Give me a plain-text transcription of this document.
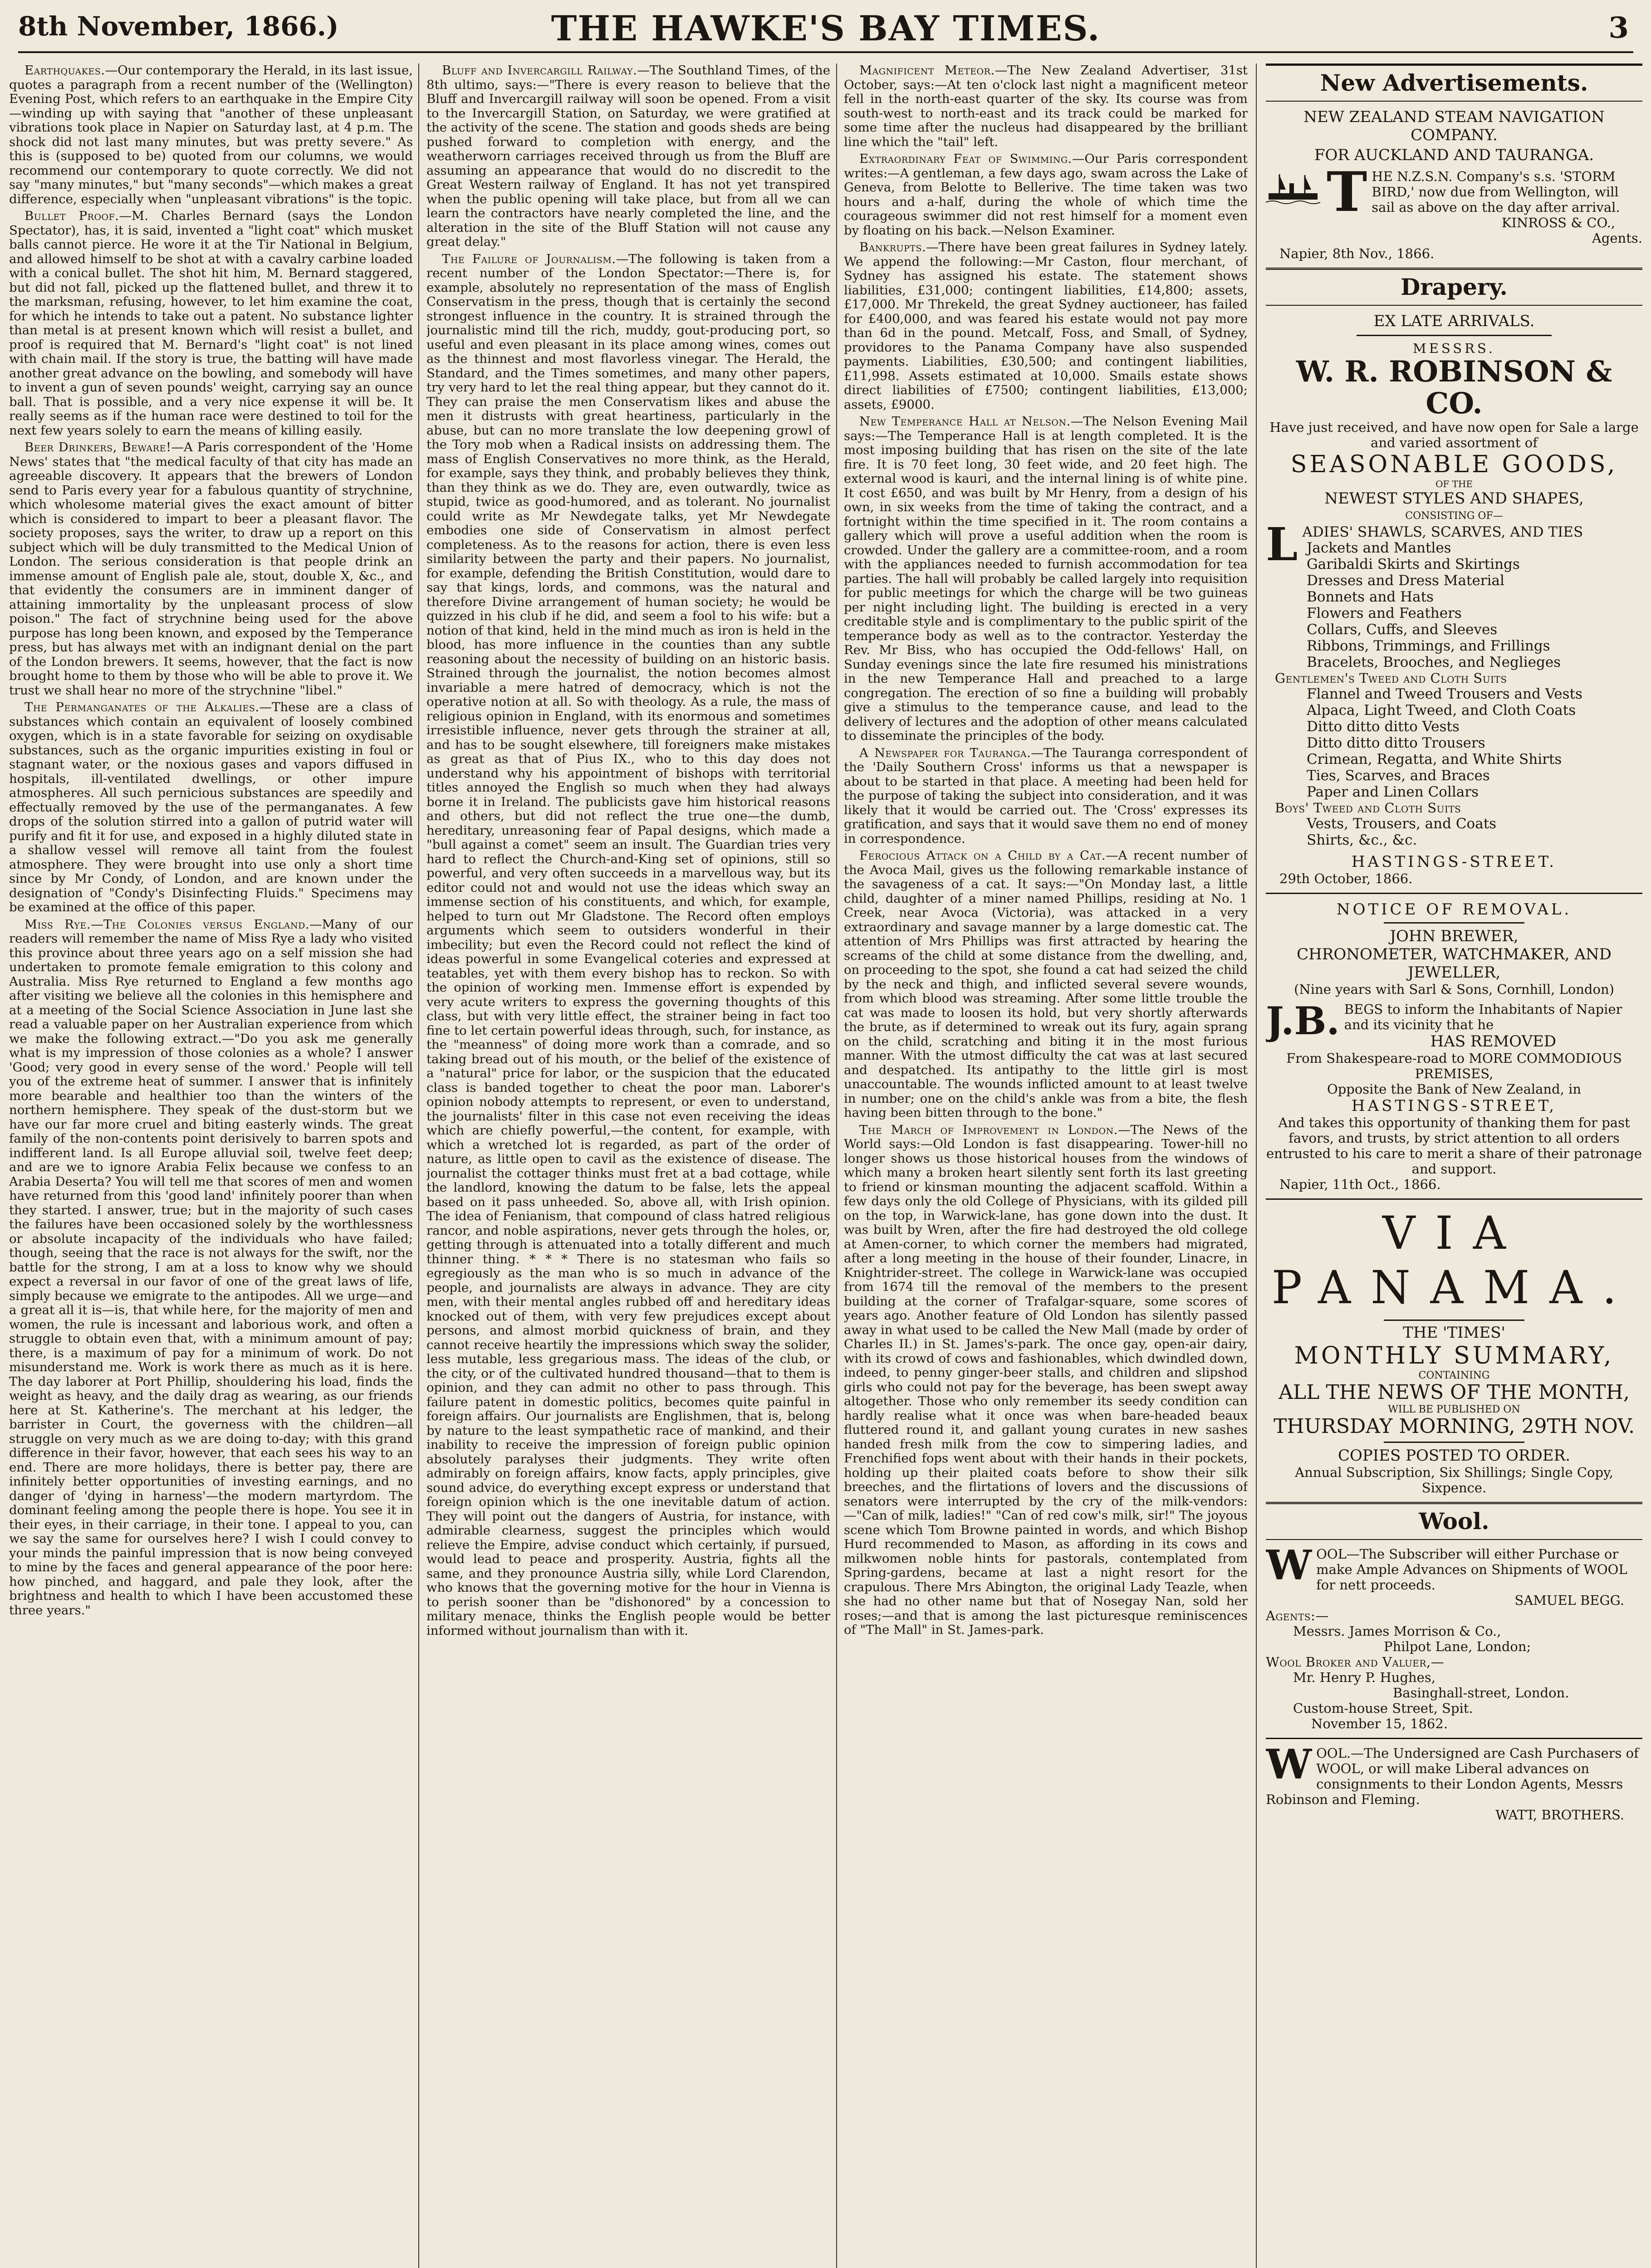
8th November, 1866.)	THE HAWKE'S BAY TIMES.	3

Earthquakes.—Our contemporary the Herald, in its last issue, quotes a paragraph from a recent number of the (Wellington) Evening Post, which refers to an earthquake in the Empire City—winding up with saying that "another of these unpleasant vibrations took place in Napier on Saturday last, at 4 p.m. The shock did not last many minutes, but was pretty severe." As this is (supposed to be) quoted from our columns, we would recommend our contemporary to quote correctly. We did not say "many minutes," but "many seconds"—which makes a great difference, especially when "unpleasant vibrations" is the topic.

Bullet Proof.—M. Charles Bernard (says the London Spectator), has, it is said, invented a "light coat" which musket balls cannot pierce. He wore it at the Tir National in Belgium, and allowed himself to be shot at with a cavalry carbine loaded with a conical bullet. The shot hit him, M. Bernard staggered, but did not fall, picked up the flattened bullet, and threw it to the marksman, refusing, however, to let him examine the coat, for which he intends to take out a patent. No substance lighter than metal is at present known which will resist a bullet, and proof is required that M. Bernard's "light coat" is not lined with chain mail. If the story is true, the batting will have made another great advance on the bowling, and somebody will have to invent a gun of seven pounds' weight, carrying say an ounce ball. That is possible, and a very nice expense it will be. It really seems as if the human race were destined to toil for the next few years solely to earn the means of killing easily.

Beer Drinkers, Beware!—A Paris correspondent of the 'Home News' states that "the medical faculty of that city has made an agreeable discovery. It appears that the brewers of London send to Paris every year for a fabulous quantity of strychnine, which wholesome material gives the exact amount of bitter which is considered to impart to beer a pleasant flavor. The society proposes, says the writer, to draw up a report on this subject which will be duly transmitted to the Medical Union of London. The serious consideration is that people drink an immense amount of English pale ale, stout, double X, &c., and that evidently the consumers are in imminent danger of attaining immortality by the unpleasant process of slow poison." The fact of strychnine being used for the above purpose has long been known, and exposed by the Temperance press, but has always met with an indignant denial on the part of the London brewers. It seems, however, that the fact is now brought home to them by those who will be able to prove it. We trust we shall hear no more of the strychnine "libel."

The Permanganates of the Alkalies.—These are a class of substances which contain an equivalent of loosely combined oxygen, which is in a state favorable for seizing on oxydisable substances, such as the organic impurities existing in foul or stagnant water, or the noxious gases and vapors diffused in hospitals, ill-ventilated dwellings, or other impure atmospheres. All such pernicious substances are speedily and effectually removed by the use of the permanganates. A few drops of the solution stirred into a gallon of putrid water will purify and fit it for use, and exposed in a highly diluted state in a shallow vessel will remove all taint from the foulest atmosphere. They were brought into use only a short time since by Mr Condy, of London, and are known under the designation of "Condy's Disinfecting Fluids." Specimens may be examined at the office of this paper.

Miss Rye.—The Colonies versus England.—Many of our readers will remember the name of Miss Rye a lady who visited this province about three years ago on a self mission she had undertaken to promote female emigration to this colony and Australia. Miss Rye returned to England a few months ago after visiting we believe all the colonies in this hemisphere and at a meeting of the Social Science Association in June last she read a valuable paper on her Australian experience from which we make the following extract.—"Do you ask me generally what is my impression of those colonies as a whole? I answer 'Good; very good in every sense of the word.' People will tell you of the extreme heat of summer. I answer that is infinitely more bearable and healthier too than the winters of the northern hemisphere. They speak of the dust-storm but we have our far more cruel and biting easterly winds. The great family of the non-contents point derisively to barren spots and indifferent land. Is all Europe alluvial soil, twelve feet deep; and are we to ignore Arabia Felix because we confess to an Arabia Deserta? You will tell me that scores of men and women have returned from this 'good land' infinitely poorer than when they started. I answer, true; but in the majority of such cases the failures have been occasioned solely by the worthlessness or absolute incapacity of the individuals who have failed; though, seeing that the race is not always for the swift, nor the battle for the strong, I am at a loss to know why we should expect a reversal in our favor of one of the great laws of life, simply because we emigrate to the antipodes. All we urge—and a great all it is—is, that while here, for the majority of men and women, the rule is incessant and laborious work, and often a struggle to obtain even that, with a minimum amount of pay; there, is a maximum of pay for a minimum of work. Do not misunderstand me. Work is work there as much as it is here. The day laborer at Port Phillip, shouldering his load, finds the weight as heavy, and the daily drag as wearing, as our friends here at St. Katherine's. The merchant at his ledger, the barrister in Court, the governess with the children—all struggle on very much as we are doing to-day; with this grand difference in their favor, however, that each sees his way to an end. There are more holidays, there is better pay, there are infinitely better opportunities of investing earnings, and no danger of 'dying in harness'—the modern martyrdom. The dominant feeling among the people there is hope. You see it in their eyes, in their carriage, in their tone. I appeal to you, can we say the same for ourselves here? I wish I could convey to your minds the painful impression that is now being conveyed to mine by the faces and general appearance of the poor here: how pinched, and haggard, and pale they look, after the brightness and health to which I have been accustomed these three years."

Bluff and Invercargill Railway.—The Southland Times, of the 8th ultimo, says:—"There is every reason to believe that the Bluff and Invercargill railway will soon be opened. From a visit to the Invercargill Station, on Saturday, we were gratified at the activity of the scene. The station and goods sheds are being pushed forward to completion with energy, and the weatherworn carriages received through us from the Bluff are assuming an appearance that would do no discredit to the Great Western railway of England. It has not yet transpired when the public opening will take place, but from all we can learn the contractors have nearly completed the line, and the alteration in the site of the Bluff Station will not cause any great delay."

The Failure of Journalism.—The following is taken from a recent number of the London Spectator:—There is, for example, absolutely no representation of the mass of English Conservatism in the press, though that is certainly the second strongest influence in the country. It is strained through the journalistic mind till the rich, muddy, gout-producing port, so useful and even pleasant in its place among wines, comes out as the thinnest and most flavorless vinegar. The Herald, the Standard, and the Times sometimes, and many other papers, try very hard to let the real thing appear, but they cannot do it. They can praise the men Conservatism likes and abuse the men it distrusts with great heartiness, particularly in the abuse, but can no more translate the low deepening growl of the Tory mob when a Radical insists on addressing them. The mass of English Conservatives no more think, as the Herald, for example, says they think, and probably believes they think, than they think as we do. They are, even outwardly, twice as stupid, twice as good-humored, and as tolerant. No journalist could write as Mr Newdegate talks, yet Mr Newdegate embodies one side of Conservatism in almost perfect completeness. As to the reasons for action, there is even less similarity between the party and their papers. No journalist, for example, defending the British Constitution, would dare to say that kings, lords, and commons, was the natural and therefore Divine arrangement of human society; he would be quizzed in his club if he did, and seem a fool to his wife: but a notion of that kind, held in the mind much as iron is held in the blood, has more influence in the counties than any subtle reasoning about the necessity of building on an historic basis. Strained through the journalist, the notion becomes almost invariable a mere hatred of democracy, which is not the operative notion at all. So with theology. As a rule, the mass of religious opinion in England, with its enormous and sometimes irresistible influence, never gets through the strainer at all, and has to be sought elsewhere, till foreigners make mistakes as great as that of Pius IX., who to this day does not understand why his appointment of bishops with territorial titles annoyed the English so much when they had always borne it in Ireland. The publicists gave him historical reasons and others, but did not reflect the true one—the dumb, hereditary, unreasoning fear of Papal designs, which made a "bull against a comet" seem an insult. The Guardian tries very hard to reflect the Church-and-King set of opinions, still so powerful, and very often succeeds in a marvellous way, but its editor could not and would not use the ideas which sway an immense section of his constituents, and which, for example, helped to turn out Mr Gladstone. The Record often employs arguments which seem to outsiders wonderful in their imbecility; but even the Record could not reflect the kind of ideas powerful in some Evangelical coteries and expressed at teatables, yet with them every bishop has to reckon. So with the opinion of working men. Immense effort is expended by very acute writers to express the governing thoughts of this class, but with very little effect, the strainer being in fact too fine to let certain powerful ideas through, such, for instance, as the "meanness" of doing more work than a comrade, and so taking bread out of his mouth, or the belief of the existence of a "natural" price for labor, or the suspicion that the educated class is banded together to cheat the poor man. Laborer's opinion nobody attempts to represent, or even to understand, the journalists' filter in this case not even receiving the ideas which are chiefly powerful,—the content, for example, with which a wretched lot is regarded, as part of the order of nature, as little open to cavil as the existence of disease. The journalist the cottager thinks must fret at a bad cottage, while the landlord, knowing the datum to be false, lets the appeal based on it pass unheeded. So, above all, with Irish opinion. The idea of Fenianism, that compound of class hatred religious rancor, and noble aspirations, never gets through the holes, or, getting through is attenuated into a totally different and much thinner thing. * * * There is no statesman who fails so egregiously as the man who is so much in advance of the people, and journalists are always in advance. They are city men, with their mental angles rubbed off and hereditary ideas knocked out of them, with very few prejudices except about persons, and almost morbid quickness of brain, and they cannot receive heartily the impressions which sway the solider, less mutable, less gregarious mass. The ideas of the club, or the city, or of the cultivated hundred thousand—that to them is opinion, and they can admit no other to pass through. This failure patent in domestic politics, becomes quite painful in foreign affairs. Our journalists are Englishmen, that is, belong by nature to the least sympathetic race of mankind, and their inability to receive the impression of foreign public opinion absolutely paralyses their judgments. They write often admirably on foreign affairs, know facts, apply principles, give sound advice, do everything except express or understand that foreign opinion which is the one inevitable datum of action. They will point out the dangers of Austria, for instance, with admirable clearness, suggest the principles which would relieve the Empire, advise conduct which certainly, if pursued, would lead to peace and prosperity. Austria, fights all the same, and they pronounce Austria silly, while Lord Clarendon, who knows that the governing motive for the hour in Vienna is to perish sooner than be "dishonored" by a concession to military menace, thinks the English people would be better informed without journalism than with it.

Magnificent Meteor.—The New Zealand Advertiser, 31st October, says:—At ten o'clock last night a magnificent meteor fell in the north-east quarter of the sky. Its course was from south-west to north-east and its track could be marked for some time after the nucleus had disappeared by the brilliant line which the "tail" left.

Extraordinary Feat of Swimming.—Our Paris correspondent writes:—A gentleman, a few days ago, swam across the Lake of Geneva, from Belotte to Bellerive. The time taken was two hours and a-half, during the whole of which time the courageous swimmer did not rest himself for a moment even by floating on his back.—Nelson Examiner.

Bankrupts.—There have been great failures in Sydney lately. We append the following:—Mr Caston, flour merchant, of Sydney has assigned his estate. The statement shows liabilities, £31,000; contingent liabilities, £14,800; assets, £17,000. Mr Threkeld, the great Sydney auctioneer, has failed for £400,000, and was feared his estate would not pay more than 6d in the pound. Metcalf, Foss, and Small, of Sydney, providores to the Panama Company have also suspended payments. Liabilities, £30,500; and contingent liabilities, £11,998. Assets estimated at 10,000. Smails estate shows direct liabilities of £7500; contingent liabilities, £13,000; assets, £9000.

New Temperance Hall at Nelson.—The Nelson Evening Mail says:—The Temperance Hall is at length completed. It is the most imposing building that has risen on the site of the late fire. It is 70 feet long, 30 feet wide, and 20 feet high. The external wood is kauri, and the internal lining is of white pine. It cost £650, and was built by Mr Henry, from a design of his own, in six weeks from the time of taking the contract, and a fortnight within the time specified in it. The room contains a gallery which will prove a useful addition when the room is crowded. Under the gallery are a committee-room, and a room with the appliances needed to furnish accommodation for tea parties. The hall will probably be called largely into requisition for public meetings for which the charge will be two guineas per night including light. The building is erected in a very creditable style and is complimentary to the public spirit of the temperance body as well as to the contractor. Yesterday the Rev. Mr Biss, who has occupied the Odd-fellows' Hall, on Sunday evenings since the late fire resumed his ministrations in the new Temperance Hall and preached to a large congregation. The erection of so fine a building will probably give a stimulus to the temperance cause, and lead to the delivery of lectures and the adoption of other means calculated to disseminate the principles of the body.

A Newspaper for Tauranga.—The Tauranga correspondent of the 'Daily Southern Cross' informs us that a newspaper is about to be started in that place. A meeting had been held for the purpose of taking the subject into consideration, and it was likely that it would be carried out. The 'Cross' expresses its gratification, and says that it would save them no end of money in correspondence.

Ferocious Attack on a Child by a Cat.—A recent number of the Avoca Mail, gives us the following remarkable instance of the savageness of a cat. It says:—"On Monday last, a little child, daughter of a miner named Phillips, residing at No. 1 Creek, near Avoca (Victoria), was attacked in a very extraordinary and savage manner by a large domestic cat. The attention of Mrs Phillips was first attracted by hearing the screams of the child at some distance from the dwelling, and, on proceeding to the spot, she found a cat had seized the child by the neck and thigh, and inflicted several severe wounds, from which blood was streaming. After some little trouble the cat was made to loosen its hold, but very shortly afterwards the brute, as if determined to wreak out its fury, again sprang on the child, scratching and biting it in the most furious manner. With the utmost difficulty the cat was at last secured and despatched. Its antipathy to the little girl is most unaccountable. The wounds inflicted amount to at least twelve in number; one on the child's ankle was from a bite, the flesh having been bitten through to the bone."

The March of Improvement in London.—The News of the World says:—Old London is fast disappearing. Tower-hill no longer shows us those historical houses from the windows of which many a broken heart silently sent forth its last greeting to friend or kinsman mounting the adjacent scaffold. Within a few days only the old College of Physicians, with its gilded pill on the top, in Warwick-lane, has gone down into the dust. It was built by Wren, after the fire had destroyed the old college at Amen-corner, to which corner the members had migrated, after a long meeting in the house of their founder, Linacre, in Knightrider-street. The college in Warwick-lane was occupied from 1674 till the removal of the members to the present building at the corner of Trafalgar-square, some scores of years ago. Another feature of Old London has silently passed away in what used to be called the New Mall (made by order of Charles II.) in St. James's-park. The once gay, open-air dairy, with its crowd of cows and fashionables, which dwindled down, indeed, to penny ginger-beer stalls, and children and slipshod girls who could not pay for the beverage, has been swept away altogether. Those who only remember its seedy condition can hardly realise what it once was when bare-headed beaux fluttered round it, and gallant young curates in new sashes handed fresh milk from the cow to simpering ladies, and Frenchified fops went about with their hands in their pockets, holding up their plaited coats before to show their silk breeches, and the flirtations of lovers and the discussions of senators were interrupted by the cry of the milk-vendors:—"Can of milk, ladies!" "Can of red cow's milk, sir!" The joyous scene which Tom Browne painted in words, and which Bishop Hurd recommended to Mason, as affording in its cows and milkwomen noble hints for pastorals, contemplated from Spring-gardens, became at last a night resort for the crapulous. There Mrs Abington, the original Lady Teazle, when she had no other name but that of Nosegay Nan, sold her roses;—and that is among the last picturesque reminiscences of "The Mall" in St. James-park.

New Advertisements.
NEW ZEALAND STEAM NAVIGATION COMPANY.
FOR AUCKLAND AND TAURANGA.
T HE N.Z.S.N. Company's s.s. 'STORM BIRD,' now due from Wellington, will sail as above on the day after arrival.
KINROSS & CO.,
Agents.
Napier, 8th Nov., 1866.
Drapery.
EX LATE ARRIVALS.
MESSRS.
W. R. ROBINSON & CO.
Have just received, and have now open for Sale a large and varied assortment of
SEASONABLE GOODS,
OF THE
NEWEST STYLES AND SHAPES,
CONSISTING OF—
L ADIES' SHAWLS, SCARVES, AND TIES
Jackets and Mantles
Garibaldi Skirts and Skirtings
Dresses and Dress Material
Bonnets and Hats
Flowers and Feathers
Collars, Cuffs, and Sleeves
Ribbons, Trimmings, and Frillings
Bracelets, Brooches, and Neglieges
Gentlemen's Tweed and Cloth Suits
Flannel and Tweed Trousers and Vests
Alpaca, Light Tweed, and Cloth Coats
Ditto ditto ditto Vests
Ditto ditto ditto Trousers
Crimean, Regatta, and White Shirts
Ties, Scarves, and Braces
Paper and Linen Collars
Boys' Tweed and Cloth Suits
Vests, Trousers, and Coats
Shirts, &c., &c.
HASTINGS-STREET.
29th October, 1866.
NOTICE OF REMOVAL.
JOHN BREWER,
CHRONOMETER, WATCHMAKER, AND JEWELLER,
(Nine years with Sarl & Sons, Cornhill, London)
J.B. BEGS to inform the Inhabitants of Napier and its vicinity that he
HAS REMOVED
From Shakespeare-road to MORE COMMODIOUS PREMISES,
Opposite the Bank of New Zealand, in
HASTINGS-STREET,
And takes this opportunity of thanking them for past favors, and trusts, by strict attention to all orders entrusted to his care to merit a share of their patronage and support.
Napier, 11th Oct., 1866.
VIA PANAMA.
THE 'TIMES'
MONTHLY SUMMARY,
CONTAINING
ALL THE NEWS OF THE MONTH,
WILL BE PUBLISHED ON
THURSDAY MORNING, 29TH NOV.
COPIES POSTED TO ORDER.
Annual Subscription, Six Shillings; Single Copy, Sixpence.
Wool.
W OOL—The Subscriber will either Purchase or make Ample Advances on Shipments of WOOL for nett proceeds.
SAMUEL BEGG.
Agents:—
Messrs. James Morrison & Co.,
Philpot Lane, London;
Wool Broker and Valuer,—
Mr. Henry P. Hughes,
Basinghall-street, London.
Custom-house Street, Spit.
November 15, 1862.
W OOL.—The Undersigned are Cash Purchasers of WOOL, or will make Liberal advances on consignments to their London Agents, Messrs Robinson and Fleming.
WATT, BROTHERS.
